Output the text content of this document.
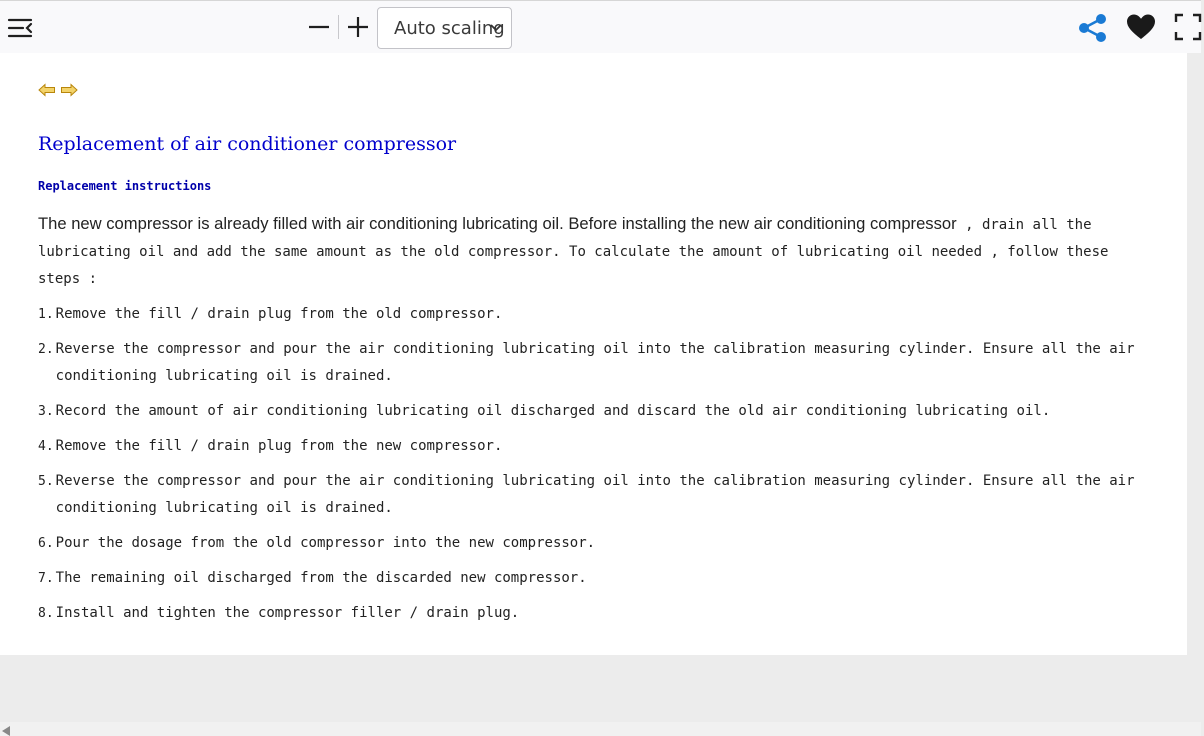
Auto scaling
Replacement of air conditioner compressor
Replacement instructions

The new compressor is already filled with air conditioning lubricating oil. Before installing the new air conditioning compressor , drain all the lubricating oil and add the same amount as the old compressor. To calculate the amount of lubricating oil needed , follow these steps :

1. Remove the fill / drain plug from the old compressor.
2. Reverse the compressor and pour the air conditioning lubricating oil into the calibration measuring cylinder. Ensure all the air conditioning lubricating oil is drained.
3. Record the amount of air conditioning lubricating oil discharged and discard the old air conditioning lubricating oil.
4. Remove the fill / drain plug from the new compressor.
5. Reverse the compressor and pour the air conditioning lubricating oil into the calibration measuring cylinder. Ensure all the air conditioning lubricating oil is drained.
6. Pour the dosage from the old compressor into the new compressor.
7. The remaining oil discharged from the discarded new compressor.
8. Install and tighten the compressor filler / drain plug.
